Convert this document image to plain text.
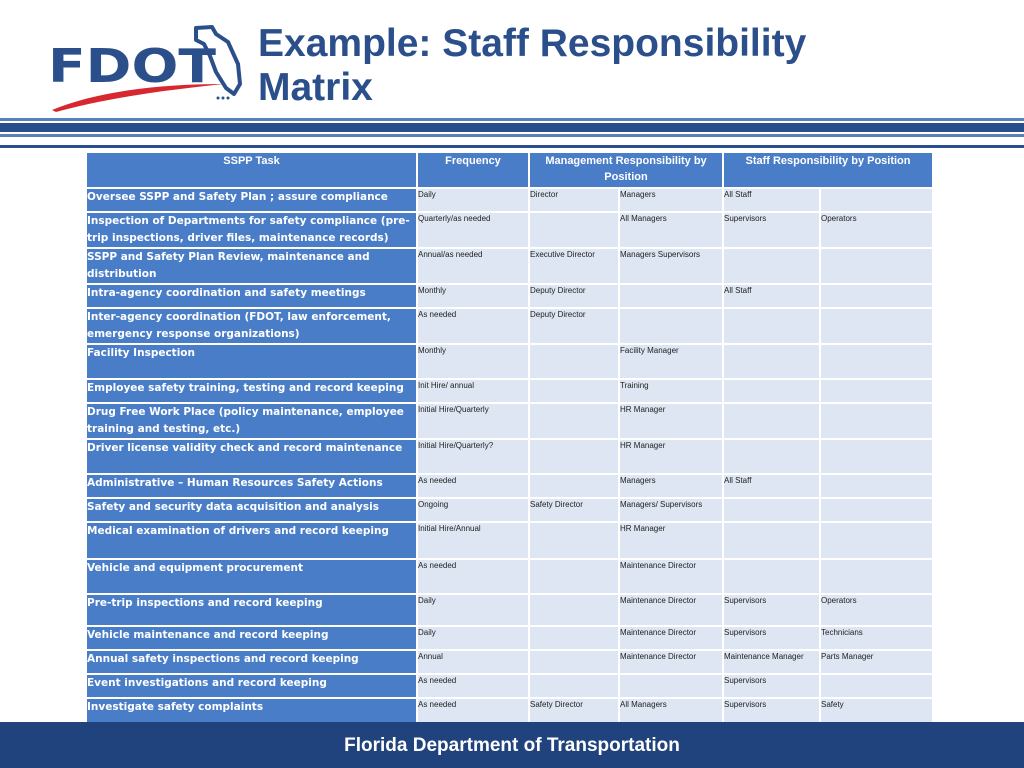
FDOT Example: Staff Responsibility Matrix
SSPP Task	Frequency	Management Responsibility by Position		Staff Responsibility by Position	
Oversee SSPP and Safety Plan ; assure compliance	Daily	Director	Managers	All Staff	
Inspection of Departments for safety compliance (pre-trip inspections, driver files, maintenance records)	Quarterly/as needed		All Managers	Supervisors	Operators
SSPP and Safety Plan Review, maintenance and distribution	Annual/as needed	Executive Director	Managers Supervisors		
Intra-agency coordination and safety meetings	Monthly	Deputy Director		All Staff	
Inter-agency coordination (FDOT, law enforcement, emergency response organizations)	As needed	Deputy Director			
Facility Inspection	Monthly		Facility Manager		
Employee safety training, testing and record keeping	Init Hire/ annual		Training		
Drug Free Work Place (policy maintenance, employee training and testing, etc.)	Initial Hire/Quarterly		HR Manager		
Driver license validity check and record maintenance	Initial Hire/Quarterly?		HR Manager		
Administrative – Human Resources Safety Actions	As needed		Managers	All Staff	
Safety and security data acquisition and analysis	Ongoing	Safety Director	Managers/ Supervisors		
Medical examination of drivers and record keeping	Initial Hire/Annual		HR Manager		
Vehicle and equipment procurement	As needed		Maintenance Director		
Pre-trip inspections and record keeping	Daily		Maintenance Director	Supervisors	Operators
Vehicle maintenance and record keeping	Daily		Maintenance Director	Supervisors	Technicians
Annual safety inspections and record keeping	Annual		Maintenance Director	Maintenance Manager	Parts Manager
Event investigations and record keeping	As needed			Supervisors	
Investigate safety complaints	As needed	Safety Director	All Managers	Supervisors	Safety
Florida Department of Transportation
